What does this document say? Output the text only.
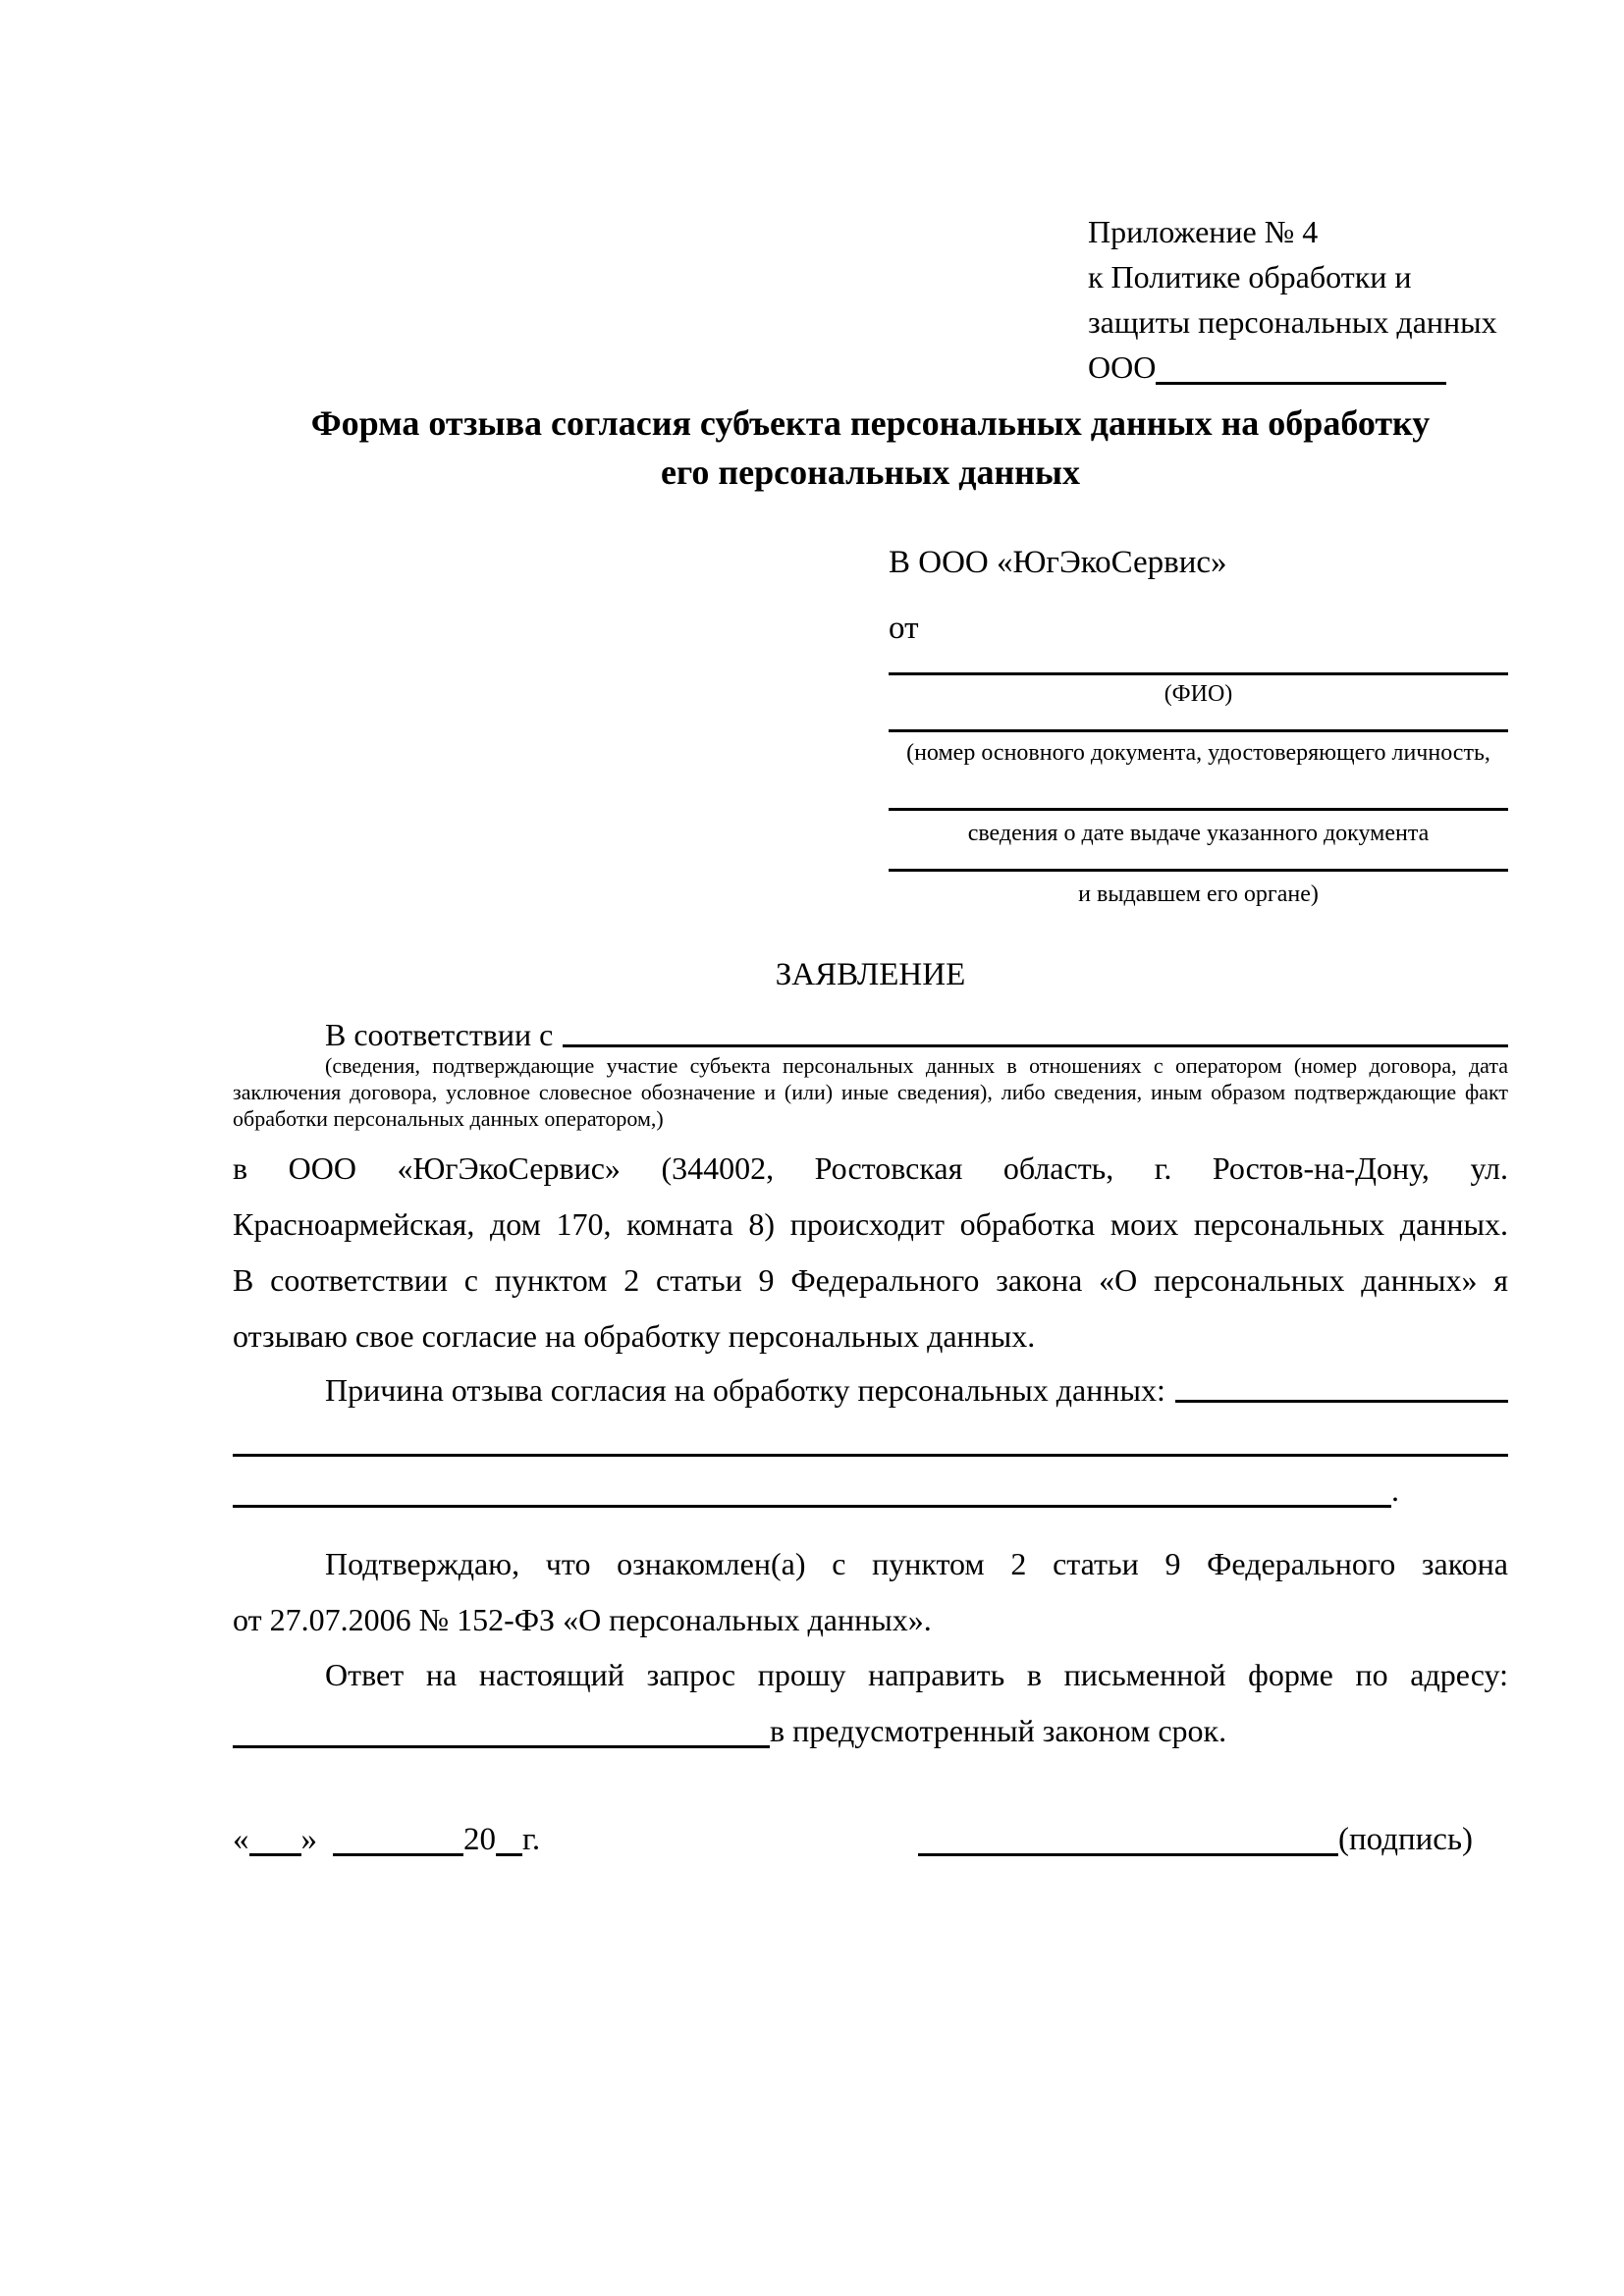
Приложение № 4
к Политике обработки и
защиты персональных данных
ООО
Форма отзыва согласия субъекта персональных данных на обработку
его персональных данных
В ООО «ЮгЭкоСервис»
от
(ФИО)
(номер основного документа, удостоверяющего личность,
сведения о дате выдаче указанного документа
и выдавшем его органе)
ЗАЯВЛЕНИЕ
В соответствии с
(сведения, подтверждающие участие субъекта персональных данных в отношениях с оператором (номер договора, дата
заключения договора, условное словесное обозначение и (или) иные сведения), либо сведения, иным образом подтверждающие факт
обработки персональных данных оператором,)
в ООО «ЮгЭкоСервис» (344002, Ростовская область, г. Ростов-на-Дону, ул.
Красноармейская, дом 170, комната 8) происходит обработка моих персональных данных.
В соответствии с пунктом 2 статьи 9 Федерального закона «О персональных данных» я
отзываю свое согласие на обработку персональных данных.
Причина отзыва согласия на обработку персональных данных:
.
Подтверждаю, что ознакомлен(а) с пунктом 2 статьи 9 Федерального закона
от 27.07.2006 № 152-ФЗ «О персональных данных».
Ответ на настоящий запрос прошу направить в письменной форме по адресу:
в предусмотренный законом срок.
« »	20 г.	(подпись)
